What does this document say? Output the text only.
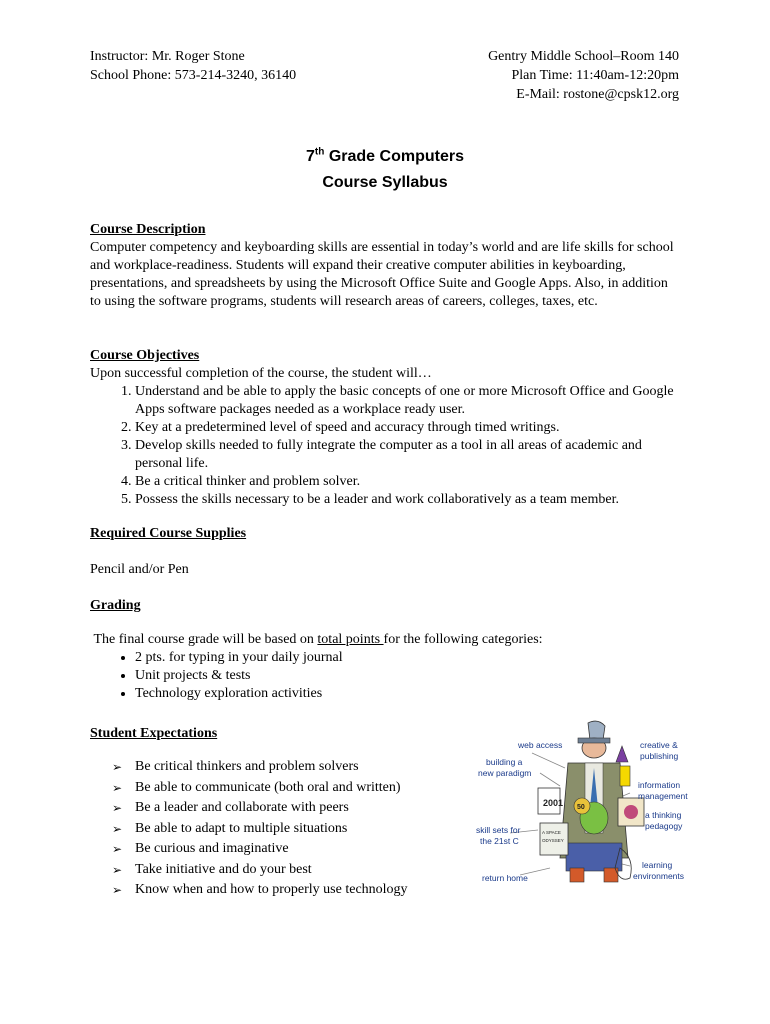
Instructor: Mr. Roger Stone
School Phone: 573-214-3240, 36140
Gentry Middle School–Room 140
Plan Time: 11:40am-12:20pm
E-Mail: rostone@cpsk12.org
7th Grade Computers
Course Syllabus
Course Description

Computer competency and keyboarding skills are essential in today’s world and are life skills for school and workplace-readiness. Students will expand their creative computer abilities in keyboarding, presentations, and spreadsheets by using the Microsoft Office Suite and Google Apps. Also, in addition to using the software programs, students will research areas of careers, colleges, taxes, etc.

Course Objectives

Upon successful completion of the course, the student will…

1. Understand and be able to apply the basic concepts of one or more Microsoft Office and Google Apps software packages needed as a workplace ready user.
2. Key at a predetermined level of speed and accuracy through timed writings.
3. Develop skills needed to fully integrate the computer as a tool in all areas of academic and personal life.
4. Be a critical thinker and problem solver.
5. Possess the skills necessary to be a leader and work collaboratively as a team member.
Required Course Supplies

Pencil and/or Pen

Grading

The final course grade will be based on total points for the following categories:

• 2 pts. for typing in your daily journal
• Unit projects & tests
• Technology exploration activities
Student Expectations
➢ Be critical thinkers and problem solvers
➢ Be able to communicate (both oral and written)
➢ Be a leader and collaborate with peers
➢ Be able to adapt to multiple situations
➢ Be curious and imaginative
➢ Take initiative and do your best
➢ Know when and how to properly use technology
2001
A SPACE
ODYSSEY
50
web access
building a
new paradigm
creative &
publishing
information
management
a thinking
pedagogy
skill sets for
the 21st C
learning
environments
return home
